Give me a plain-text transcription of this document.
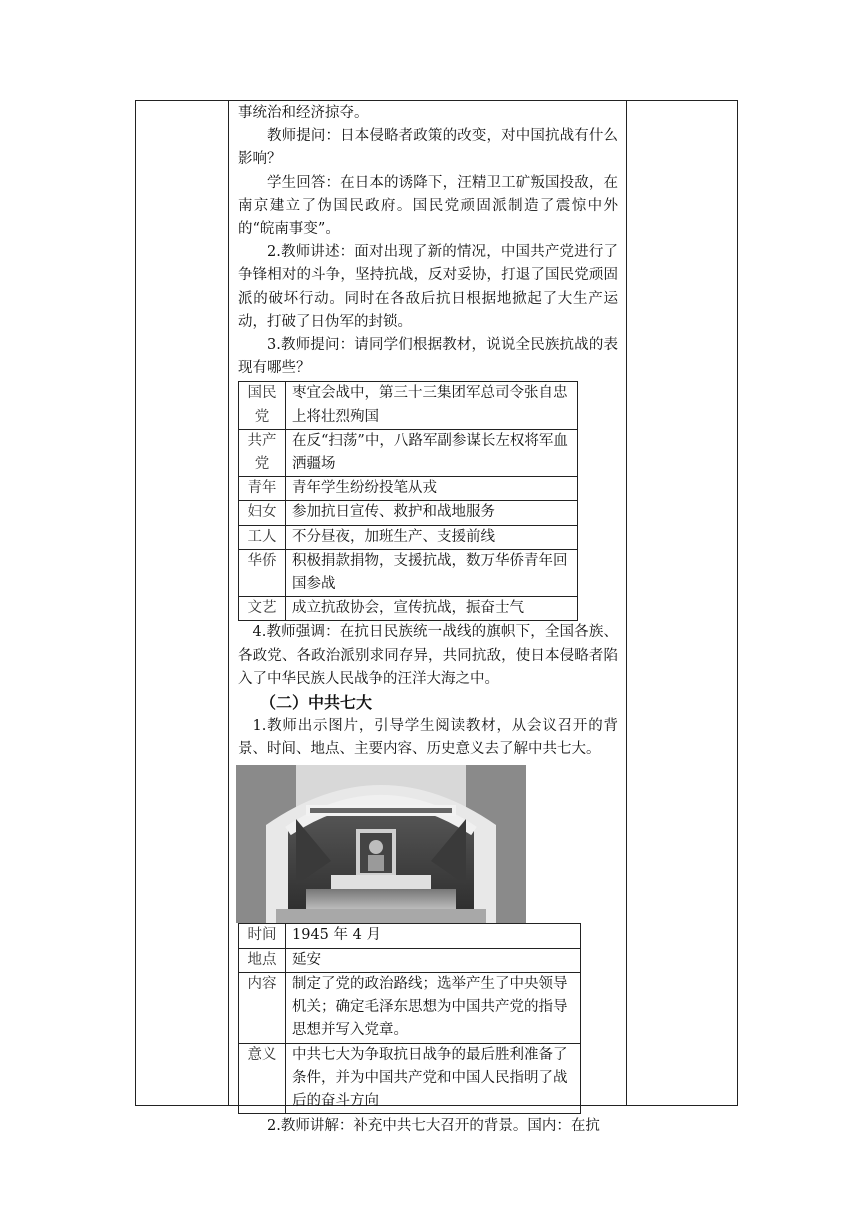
事统治和经济掠夺。

教师提问：日本侵略者政策的改变，对中国抗战有什么影响？

学生回答：在日本的诱降下，汪精卫工矿叛国投敌，在南京建立了伪国民政府。国民党顽固派制造了震惊中外的“皖南事变”。

2.教师讲述：面对出现了新的情况，中国共产党进行了争锋相对的斗争，坚持抗战，反对妥协，打退了国民党顽固派的破坏行动。同时在各敌后抗日根据地掀起了大生产运动，打破了日伪军的封锁。

3.教师提问：请同学们根据教材，说说全民族抗战的表现有哪些？

国民党	枣宜会战中，第三十三集团军总司令张自忠上将壮烈殉国
共产党	在反“扫荡”中，八路军副参谋长左权将军血洒疆场
青年	青年学生纷纷投笔从戎
妇女	参加抗日宣传、救护和战地服务
工人	不分昼夜，加班生产、支援前线
华侨	积极捐款捐物，支援抗战，数万华侨青年回国参战
文艺	成立抗敌协会，宣传抗战，振奋士气

4.教师强调：在抗日民族统一战线的旗帜下，全国各族、各政党、各政治派别求同存异，共同抗敌，使日本侵略者陷入了中华民族人民战争的汪洋大海之中。

（二）中共七大

1.教师出示图片，引导学生阅读教材，从会议召开的背景、时间、地点、主要内容、历史意义去了解中共七大。

时间	1945 年 4 月
地点	延安
内容	制定了党的政治路线；选举产生了中央领导机关；确定毛泽东思想为中国共产党的指导思想并写入党章。
意义	中共七大为争取抗日战争的最后胜利准备了条件，并为中国共产党和中国人民指明了战后的奋斗方向

2.教师讲解：补充中共七大召开的背景。国内：在抗
